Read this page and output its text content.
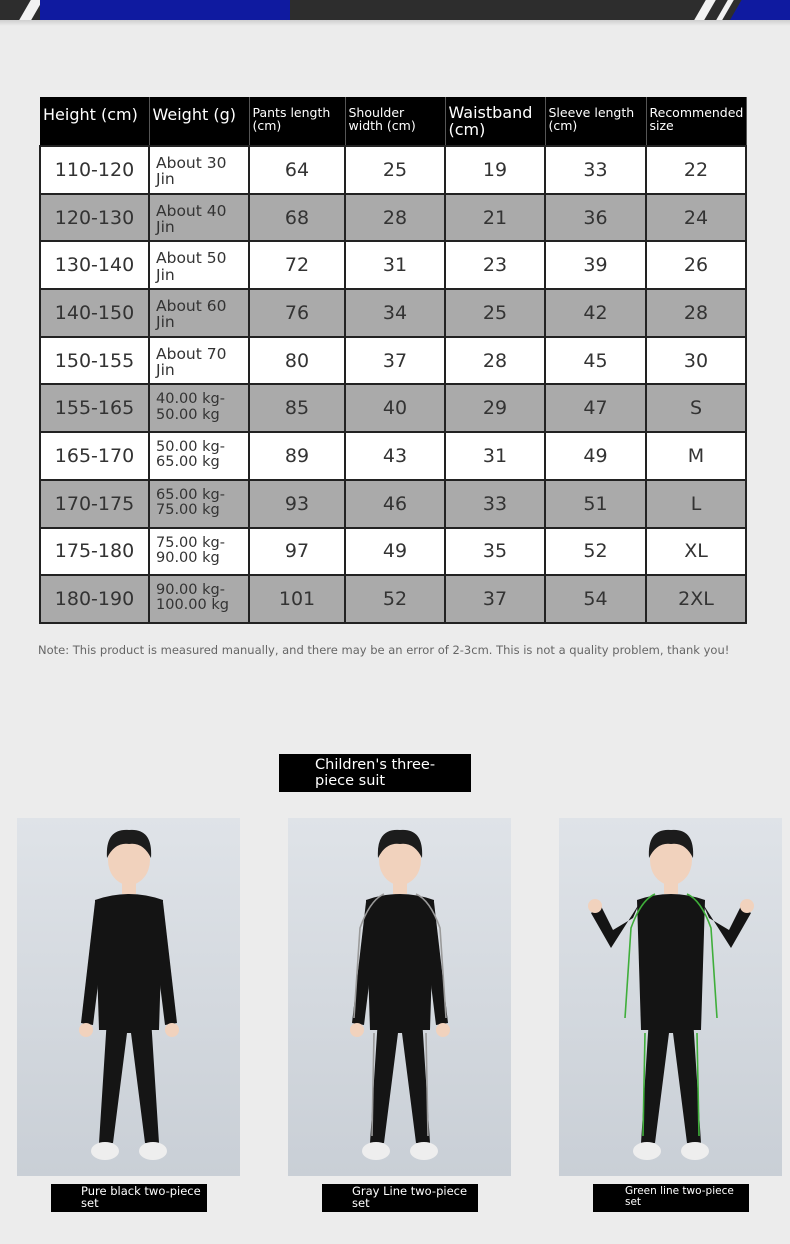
Height (cm)	Weight (g)	Pants length (cm)	Shoulder width (cm)	Waistband (cm)	Sleeve length (cm)	Recommended size
110-120	About 30 Jin	64	25	19	33	22
120-130	About 40 Jin	68	28	21	36	24
130-140	About 50 Jin	72	31	23	39	26
140-150	About 60 Jin	76	34	25	42	28
150-155	About 70 Jin	80	37	28	45	30
155-165	40.00 kg-50.00 kg	85	40	29	47	S
165-170	50.00 kg-65.00 kg	89	43	31	49	M
170-175	65.00 kg-75.00 kg	93	46	33	51	L
175-180	75.00 kg-90.00 kg	97	49	35	52	XL
180-190	90.00 kg-100.00 kg	101	52	37	54	2XL
Note: This product is measured manually, and there may be an error of 2-3cm. This is not a quality problem, thank you!
Children's three-piece suit
Pure black two-piece set
Gray Line two-piece set
Green line two-piece set
